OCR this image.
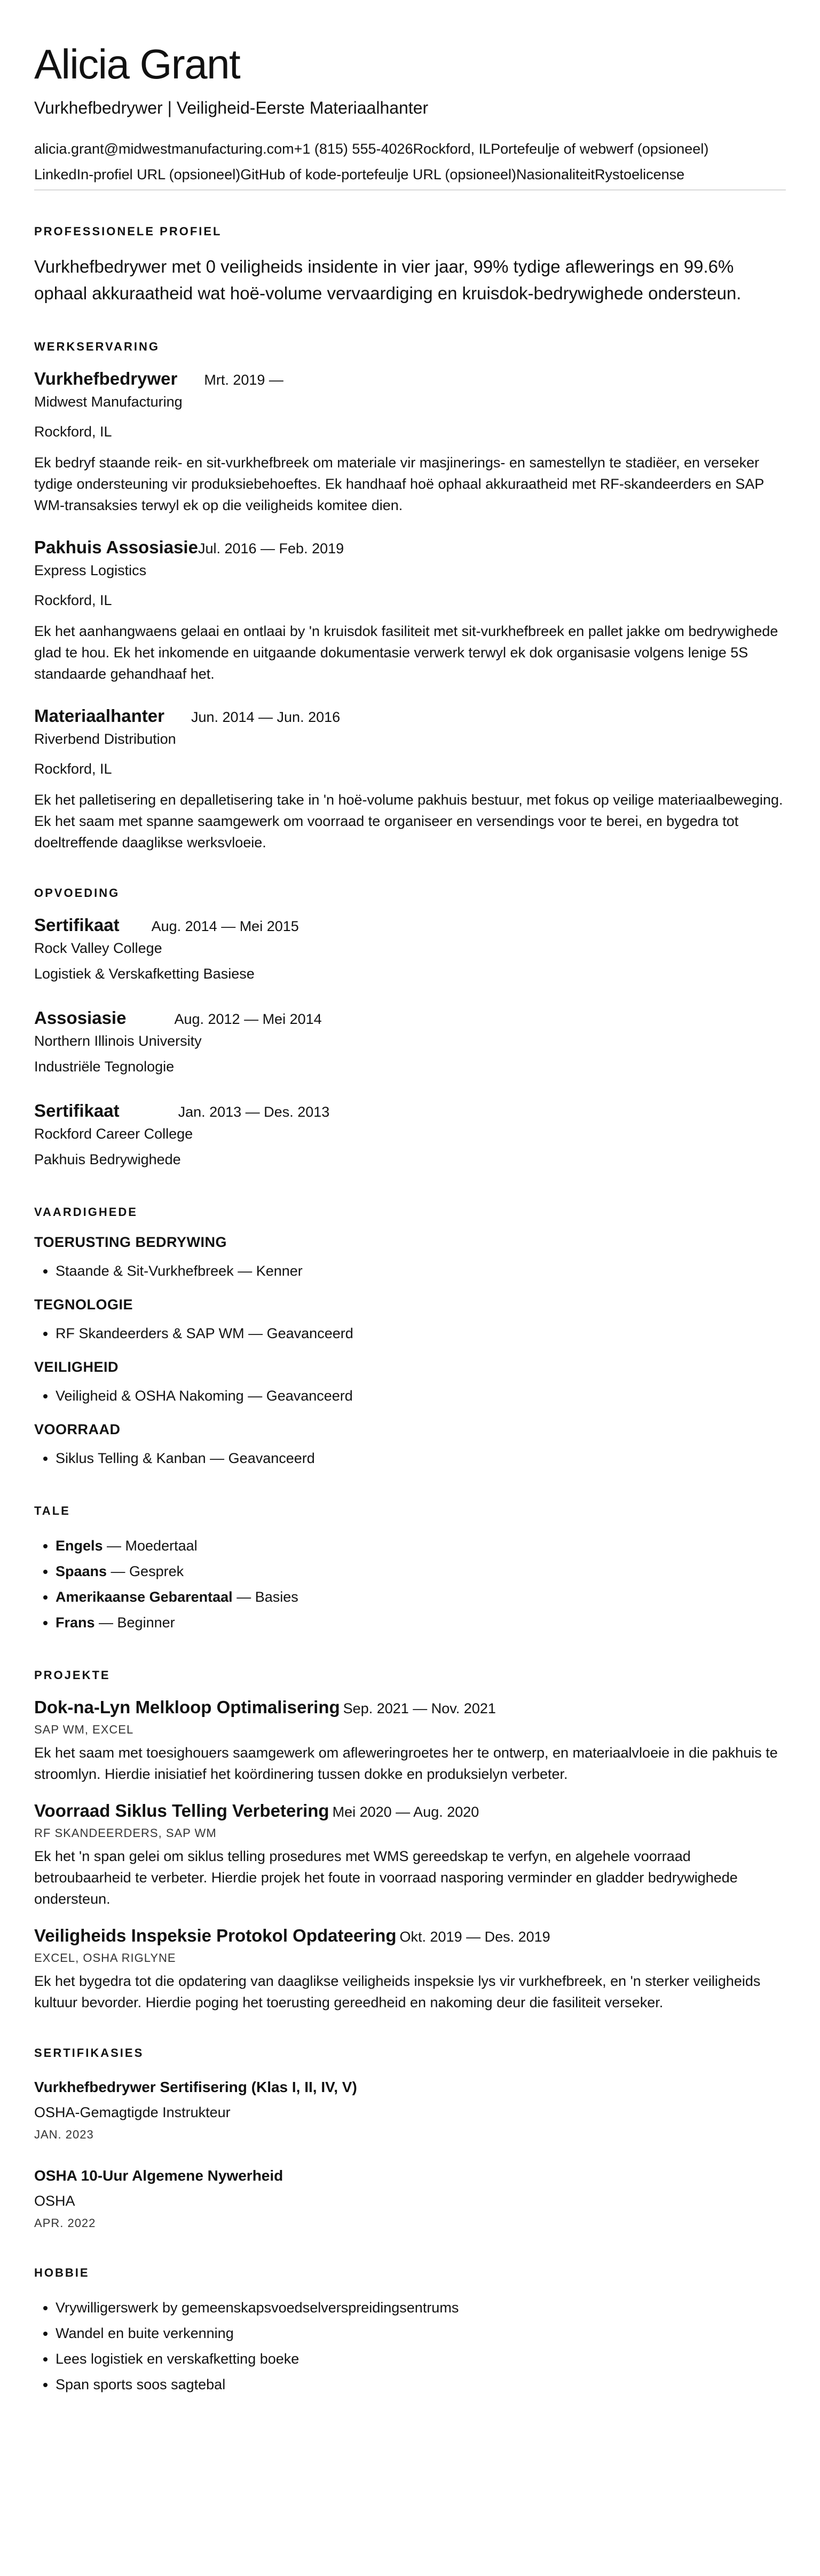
Alicia Grant
Vurkhefbedrywer | Veiligheid-Eerste Materiaalhanter
alicia.grant@midwestmanufacturing.com+1 (815) 555-4026Rockford, ILPortefeulje of webwerf (opsioneel)
LinkedIn-profiel URL (opsioneel)GitHub of kode-portefeulje URL (opsioneel)NasionaliteitRystoelicense
PROFESSIONELE PROFIEL
Vurkhefbedrywer met 0 veiligheids insidente in vier jaar, 99% tydige aflewerings en 99.6% ophaal akkuraatheid wat hoë-volume vervaardiging en kruisdok-bedrywighede ondersteun.
WERKSERVARING
Vurkhefbedrywer Mrt. 2019 —
Midwest Manufacturing
Rockford, IL
Ek bedryf staande reik- en sit-vurkhefbreek om materiale vir masjinerings- en samestellyn te stadiëer, en verseker tydige ondersteuning vir produksiebehoeftes. Ek handhaaf hoë ophaal akkuraatheid met RF-skandeerders en SAP WM-transaksies terwyl ek op die veiligheids komitee dien.
Pakhuis Assosiasie Jul. 2016 — Feb. 2019
Express Logistics
Rockford, IL
Ek het aanhangwaens gelaai en ontlaai by 'n kruisdok fasiliteit met sit-vurkhefbreek en pallet jakke om bedrywighede glad te hou. Ek het inkomende en uitgaande dokumentasie verwerk terwyl ek dok organisasie volgens lenige 5S standaarde gehandhaaf het.
Materiaalhanter Jun. 2014 — Jun. 2016
Riverbend Distribution
Rockford, IL
Ek het palletisering en depalletisering take in 'n hoë-volume pakhuis bestuur, met fokus op veilige materiaalbeweging. Ek het saam met spanne saamgewerk om voorraad te organiseer en versendings voor te berei, en bygedra tot doeltreffende daaglikse werksvloeie.
OPVOEDING
Sertifikaat Aug. 2014 — Mei 2015
Rock Valley College
Logistiek & Verskafketting Basiese
Assosiasie	Aug. 2012 — Mei 2014
Northern Illinois University
Industriële Tegnologie
Sertifikaat	Jan. 2013 — Des. 2013
Rockford Career College
Pakhuis Bedrywighede
VAARDIGHEDE
TOERUSTING BEDRYWING
• Staande & Sit-Vurkhefbreek — Kenner
TEGNOLOGIE
• RF Skandeerders & SAP WM — Geavanceerd
VEILIGHEID
• Veiligheid & OSHA Nakoming — Geavanceerd
VOORRAAD
• Siklus Telling & Kanban — Geavanceerd
TALE
• Engels — Moedertaal
• Spaans — Gesprek
• Amerikaanse Gebarentaal — Basies
• Frans — Beginner
PROJEKTE
Dok-na-Lyn Melkloop Optimalisering Sep. 2021 — Nov. 2021
SAP WM, EXCEL
Ek het saam met toesighouers saamgewerk om afleweringroetes her te ontwerp, en materiaalvloeie in die pakhuis te stroomlyn. Hierdie inisiatief het koördinering tussen dokke en produksielyn verbeter.
Voorraad Siklus Telling Verbetering Mei 2020 — Aug. 2020
RF SKANDEERDERS, SAP WM
Ek het 'n span gelei om siklus telling prosedures met WMS gereedskap te verfyn, en algehele voorraad betroubaarheid te verbeter. Hierdie projek het foute in voorraad nasporing verminder en gladder bedrywighede ondersteun.
Veiligheids Inspeksie Protokol Opdateering Okt. 2019 — Des. 2019
EXCEL, OSHA RIGLYNE
Ek het bygedra tot die opdatering van daaglikse veiligheids inspeksie lys vir vurkhefbreek, en 'n sterker veiligheids kultuur bevorder. Hierdie poging het toerusting gereedheid en nakoming deur die fasiliteit verseker.
SERTIFIKASIES
Vurkhefbedrywer Sertifisering (Klas I, II, IV, V)
OSHA-Gemagtigde Instrukteur
JAN. 2023
OSHA 10-Uur Algemene Nywerheid
OSHA
APR. 2022
HOBBIE
• Vrywilligerswerk by gemeenskapsvoedselverspreidingsentrums
• Wandel en buite verkenning
• Lees logistiek en verskafketting boeke
• Span sports soos sagtebal
